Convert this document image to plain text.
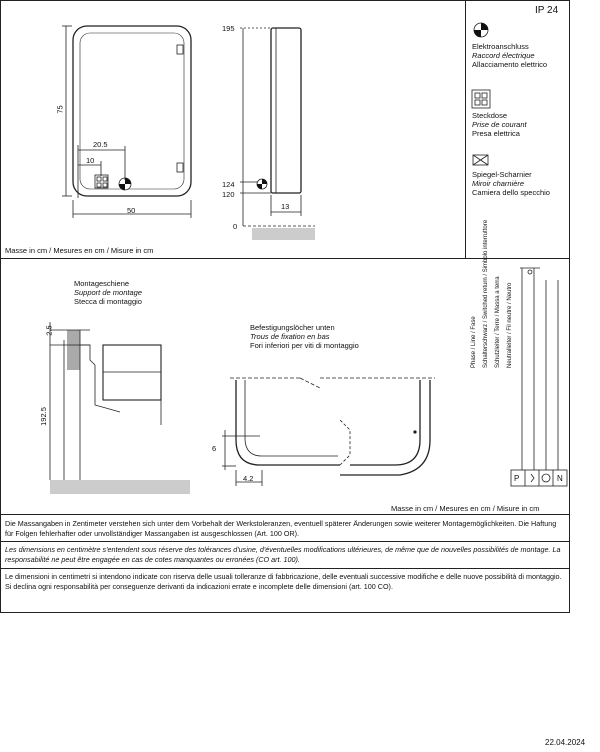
IP 24
Elektroanschluss
Raccord électrique
Allacciamento elettrico
Steckdose
Prise de courant
Presa elettrica
Spiegel-Scharnier
Miroir charnière
Camiera dello specchio
75
50
20.5
10
195
124
120
13
0
Masse in cm / Mesures en cm / Misure in cm
Montageschiene
Support de montage
Stecca di montaggio
2.5
192.5
Befestigungslöcher unten
Trous de fixation en bas
Fori inferiori per viti di montaggio
6
4.2
Phase / Line / Fase	Schalterschwarz / Switched return / Simbolo interruttore	Schutzleiter / Terre / Massa a terra	Neutralleiter / Fil neutre / Neutro
P	N
Masse in cm / Mesures en cm / Misure in cm
Die Massangaben in Zentimeter verstehen sich unter dem Vorbehalt der Werkstoleranzen, eventuell späterer Änderungen sowie weiterer Montagemöglichkeiten. Die Haftung für Folgen fehlerhafter oder unvollständiger Massangaben ist ausgeschlossen (Art. 100 OR).
Les dimensions en centimètre s'entendent sous réserve des tolérances d'usine, d'éventuelles modifications ultérieures, de même que de nouvelles possibilités de montage. La responsabilité ne peut être engagée en cas de cotes manquantes ou erronées (CO art. 100).
Le dimensioni in centimetri si intendono indicate con riserva delle usuali tolleranze di fabbricazione, delle eventuali successive modifiche e delle nuove possibilità di montaggio. Si declina ogni responsabilità per conseguenze derivanti da indicazioni errate e incomplete delle dimensioni (art. 100 CO).
22.04.2024
